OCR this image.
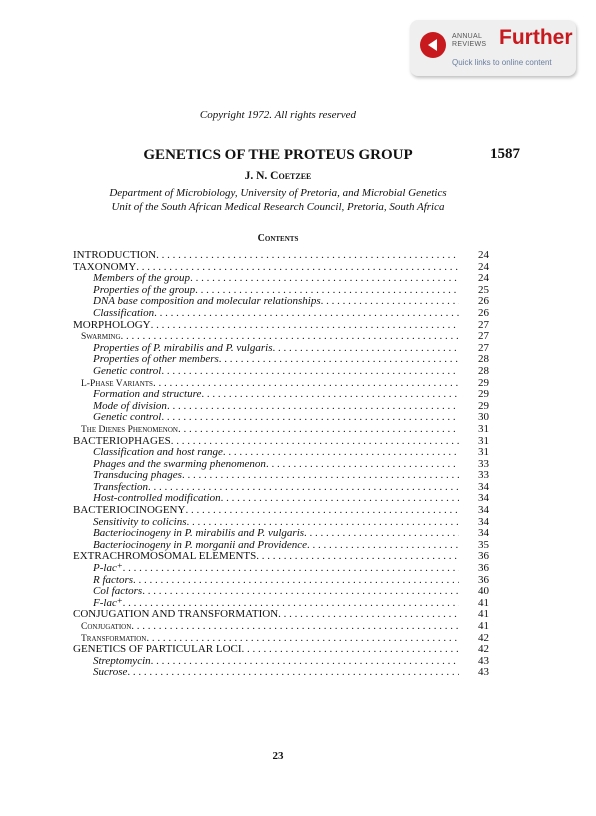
ANNUAL
REVIEWS Further
Quick links to online content
Copyright 1972. All rights reserved
GENETICS OF THE PROTEUS GROUP	1587
J. N. Coetzee
Department of Microbiology, University of Pretoria, and Microbial Genetics
Unit of the South African Medical Research Council, Pretoria, South Africa
Contents
INTRODUCTION . . .	24
TAXONOMY . . .	24
Members of the group . . .	24
Properties of the group . . .	25
DNA base composition and molecular relationships . . .	26
Classification . . .	26
MORPHOLOGY . . .	27
Swarming . . .	27
Properties of P. mirabilis and P. vulgaris . . .	27
Properties of other members . . .	28
Genetic control . . .	28
L-Phase Variants . . .	29
Formation and structure . . .	29
Mode of division . . .	29
Genetic control . . .	30
The Dienes Phenomenon . . .	31
BACTERIOPHAGES . . .	31
Classification and host range . . .	31
Phages and the swarming phenomenon . . .	33
Transducing phages . . .	33
Transfection . . .	34
Host-controlled modification . . .	34
BACTERIOCINOGENY . . .	34
Sensitivity to colicins . . .	34
Bacteriocinogeny in P. mirabilis and P. vulgaris . . .	34
Bacteriocinogeny in P. morganii and Providence . . .	35
EXTRACHROMOSOMAL ELEMENTS . . .	36
P-lac⁺ . . .	36
R factors . . .	36
Col factors . . .	40
F-lac⁺ . . .	41
CONJUGATION AND TRANSFORMATION . . .	41
Conjugation . . .	41
Transformation . . .	42
GENETICS OF PARTICULAR LOCI . . .	42
Streptomycin . . .	43
Sucrose . . .	43
23
